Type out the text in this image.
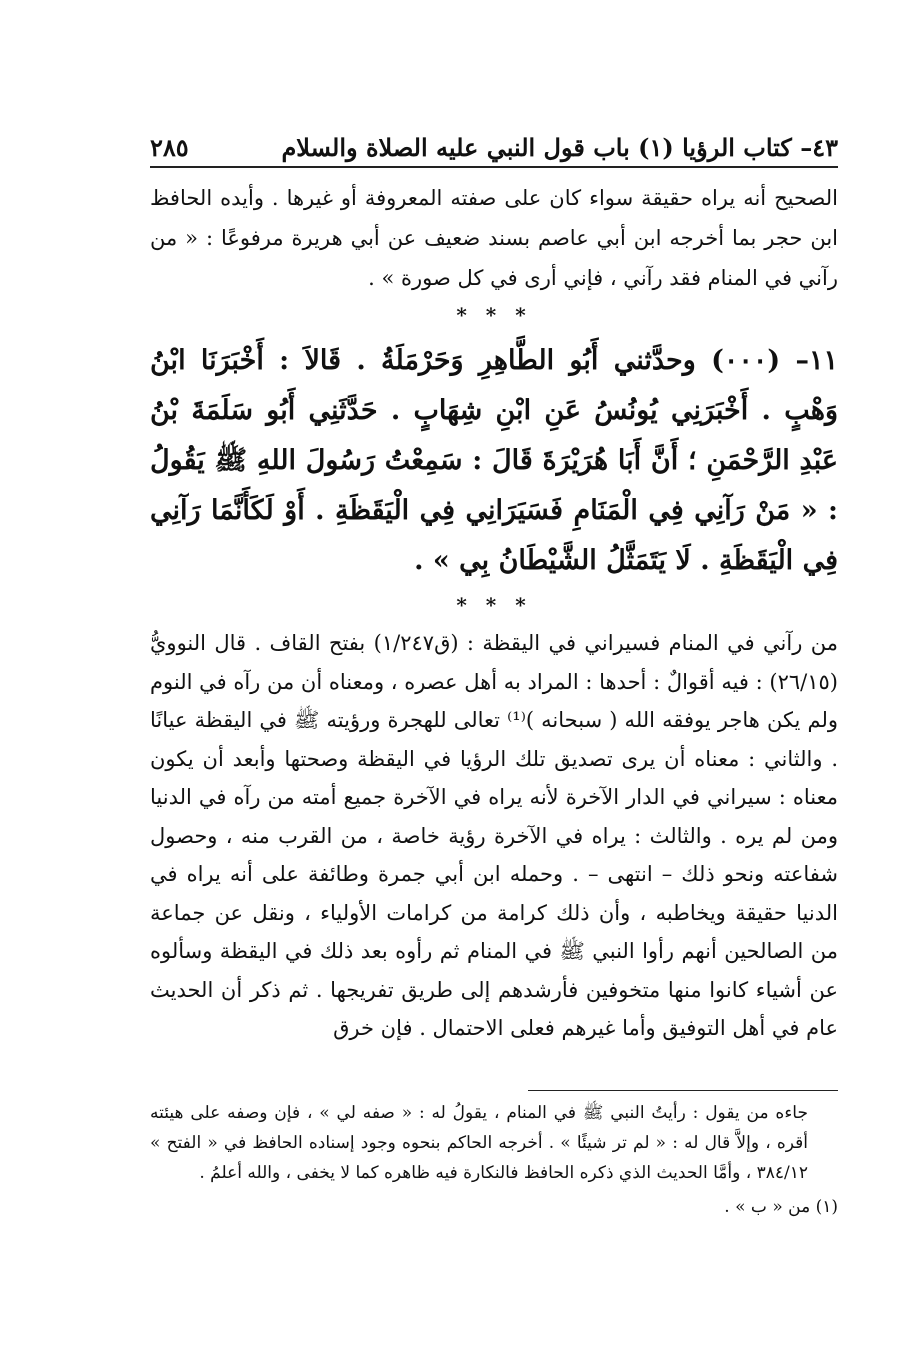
٤٣– كتاب الرؤيا (١) باب قول النبي عليه الصلاة والسلام
٢٨٥
الصحيح أنه يراه حقيقة سواء كان على صفته المعروفة أو غيرها . وأيده الحافظ ابن حجر بما أخرجه ابن أبي عاصم بسند ضعيف عن أبي هريرة مرفوعًا : « من رآني في المنام فقد رآني ، فإني أرى في كل صورة » .
* * *
١١– (٠٠٠) وحدَّثني أَبُو الطَّاهِرِ وَحَرْمَلَةُ . قَالاَ : أَخْبَرَنَا ابْنُ وَهْبٍ . أَخْبَرَنِي يُونُسُ عَنِ ابْنِ شِهَابٍ . حَدَّثَنِي أَبُو سَلَمَةَ بْنُ عَبْدِ الرَّحْمَنِ ؛ أَنَّ أَبَا هُرَيْرَةَ قَالَ : سَمِعْتُ رَسُولَ اللهِ ﷺ يَقُولُ : « مَنْ رَآنِي فِي الْمَنَامِ فَسَيَرَانِي فِي الْيَقَظَةِ . أَوْ لَكَأَنَّمَا رَآنِي فِي الْيَقَظَةِ . لَا يَتَمَثَّلُ الشَّيْطَانُ بِي » .
* * *
من رآني في المنام فسيراني في اليقظة : (ق١/٢٤٧) بفتح القاف . قال النوويُّ (٢٦/١٥) : فيه أقوالٌ : أحدها : المراد به أهل عصره ، ومعناه أن من رآه في النوم ولم يكن هاجر يوفقه الله ( سبحانه )⁽¹⁾ تعالى للهجرة ورؤيته ﷺ في اليقظة عيانًا . والثاني : معناه أن يرى تصديق تلك الرؤيا في اليقظة وصحتها وأبعد أن يكون معناه : سيراني في الدار الآخرة لأنه يراه في الآخرة جميع أمته من رآه في الدنيا ومن لم يره . والثالث : يراه في الآخرة رؤية خاصة ، من القرب منه ، وحصول شفاعته ونحو ذلك – انتهى – . وحمله ابن أبي جمرة وطائفة على أنه يراه في الدنيا حقيقة ويخاطبه ، وأن ذلك كرامة من كرامات الأولياء ، ونقل عن جماعة من الصالحين أنهم رأوا النبي ﷺ في المنام ثم رأوه بعد ذلك في اليقظة وسألوه عن أشياء كانوا منها متخوفين فأرشدهم إلى طريق تفريجها . ثم ذكر أن الحديث عام في أهل التوفيق وأما غيرهم فعلى الاحتمال . فإن خرق

جاءه من يقول : رأيتُ النبي ﷺ في المنام ، يقولُ له : « صفه لي » ، فإن وصفه على هيئته أقره ، وإلاَّ قال له : « لم تر شيئًا » . أخرجه الحاكم بنحوه وجود إسناده الحافظ في « الفتح » ٣٨٤/١٢ ، وأمَّا الحديث الذي ذكره الحافظ فالنكارة فيه ظاهره كما لا يخفى ، والله أعلمُ .

(١) من « ب » .
